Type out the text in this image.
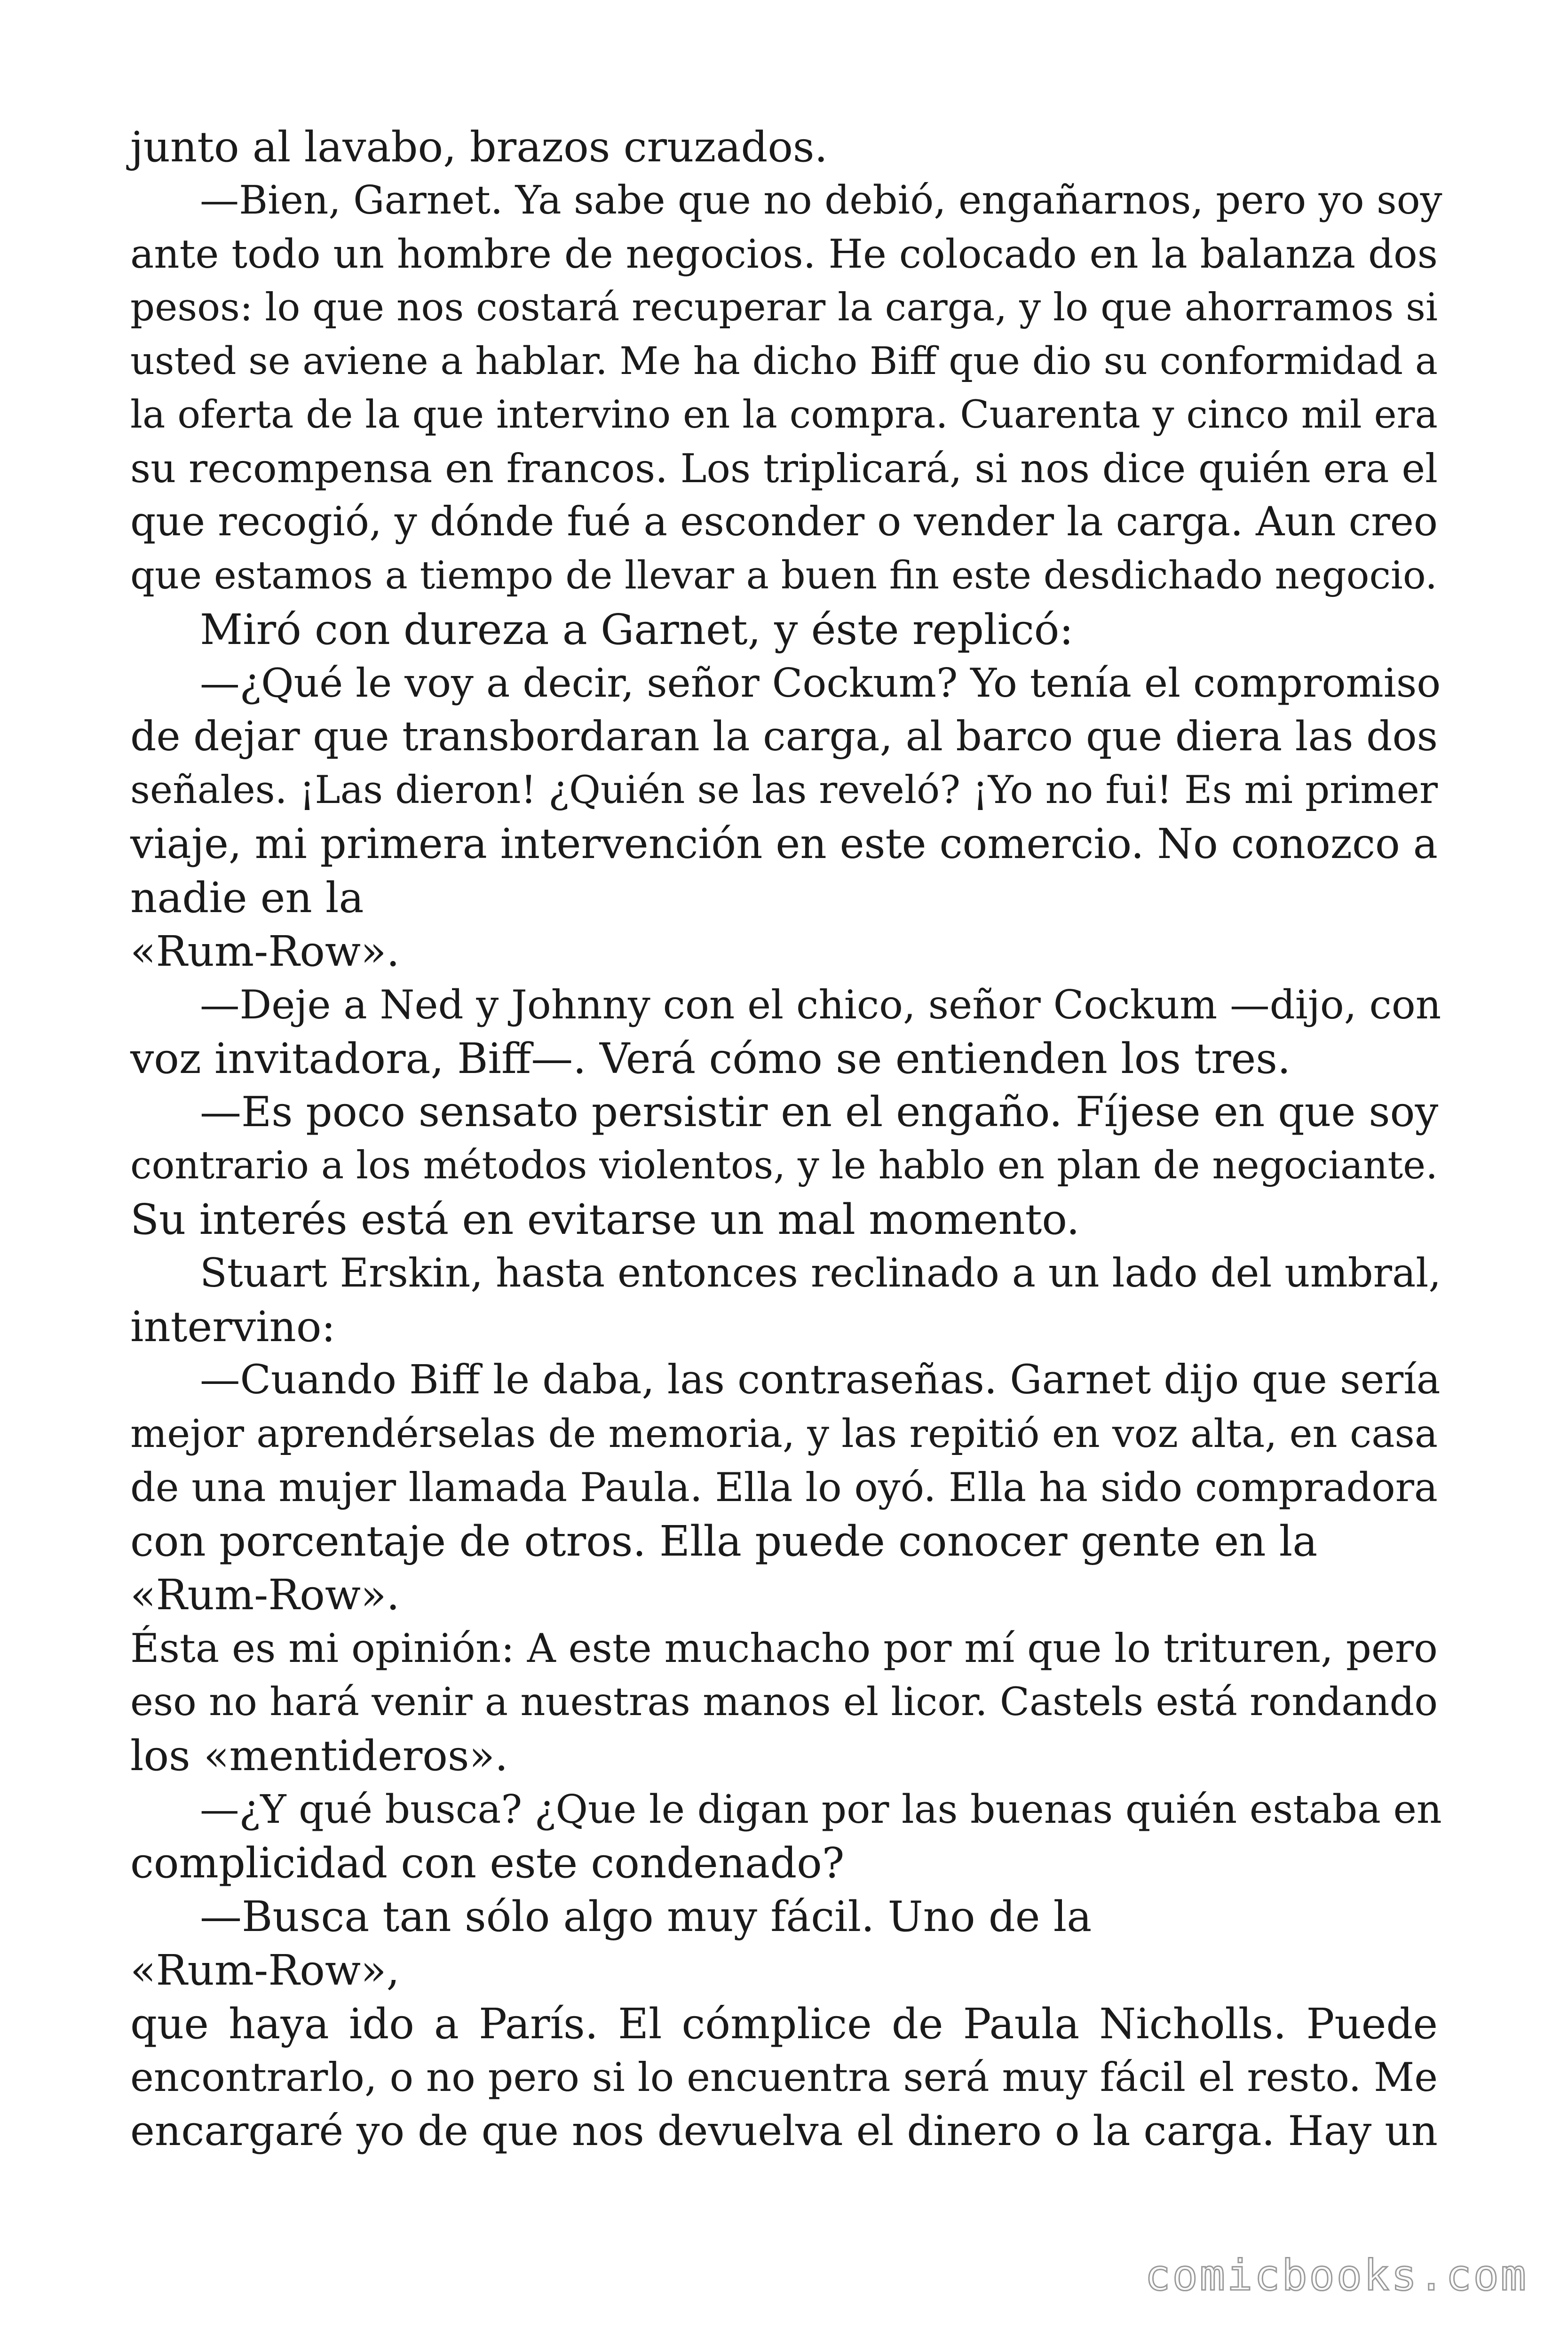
junto al lavabo, brazos cruzados.
—Bien, Garnet. Ya sabe que no debió, engañarnos, pero yo soy
ante todo un hombre de negocios. He colocado en la balanza dos
pesos: lo que nos costará recuperar la carga, y lo que ahorramos si
usted se aviene a hablar. Me ha dicho Biff que dio su conformidad a
la oferta de la que intervino en la compra. Cuarenta y cinco mil era
su recompensa en francos. Los triplicará, si nos dice quién era el
que recogió, y dónde fué a esconder o vender la carga. Aun creo
que estamos a tiempo de llevar a buen fin este desdichado negocio.
Miró con dureza a Garnet, y éste replicó:
—¿Qué le voy a decir, señor Cockum? Yo tenía el compromiso
de dejar que transbordaran la carga, al barco que diera las dos
señales. ¡Las dieron! ¿Quién se las reveló? ¡Yo no fui! Es mi primer
viaje, mi primera intervención en este comercio. No conozco a
nadie en la
«Rum-Row».
—Deje a Ned y Johnny con el chico, señor Cockum —dijo, con
voz invitadora, Biff—. Verá cómo se entienden los tres.
—Es poco sensato persistir en el engaño. Fíjese en que soy
contrario a los métodos violentos, y le hablo en plan de negociante.
Su interés está en evitarse un mal momento.
Stuart Erskin, hasta entonces reclinado a un lado del umbral,
intervino:
—Cuando Biff le daba, las contraseñas. Garnet dijo que sería
mejor aprendérselas de memoria, y las repitió en voz alta, en casa
de una mujer llamada Paula. Ella lo oyó. Ella ha sido compradora
con porcentaje de otros. Ella puede conocer gente en la
«Rum-Row».
Ésta es mi opinión: A este muchacho por mí que lo trituren, pero
eso no hará venir a nuestras manos el licor. Castels está rondando
los «mentideros».
—¿Y qué busca? ¿Que le digan por las buenas quién estaba en
complicidad con este condenado?
—Busca tan sólo algo muy fácil. Uno de la
«Rum-Row»,
que haya ido a París. El cómplice de Paula Nicholls. Puede
encontrarlo, o no pero si lo encuentra será muy fácil el resto. Me
encargaré yo de que nos devuelva el dinero o la carga. Hay un
comicbooks.com
